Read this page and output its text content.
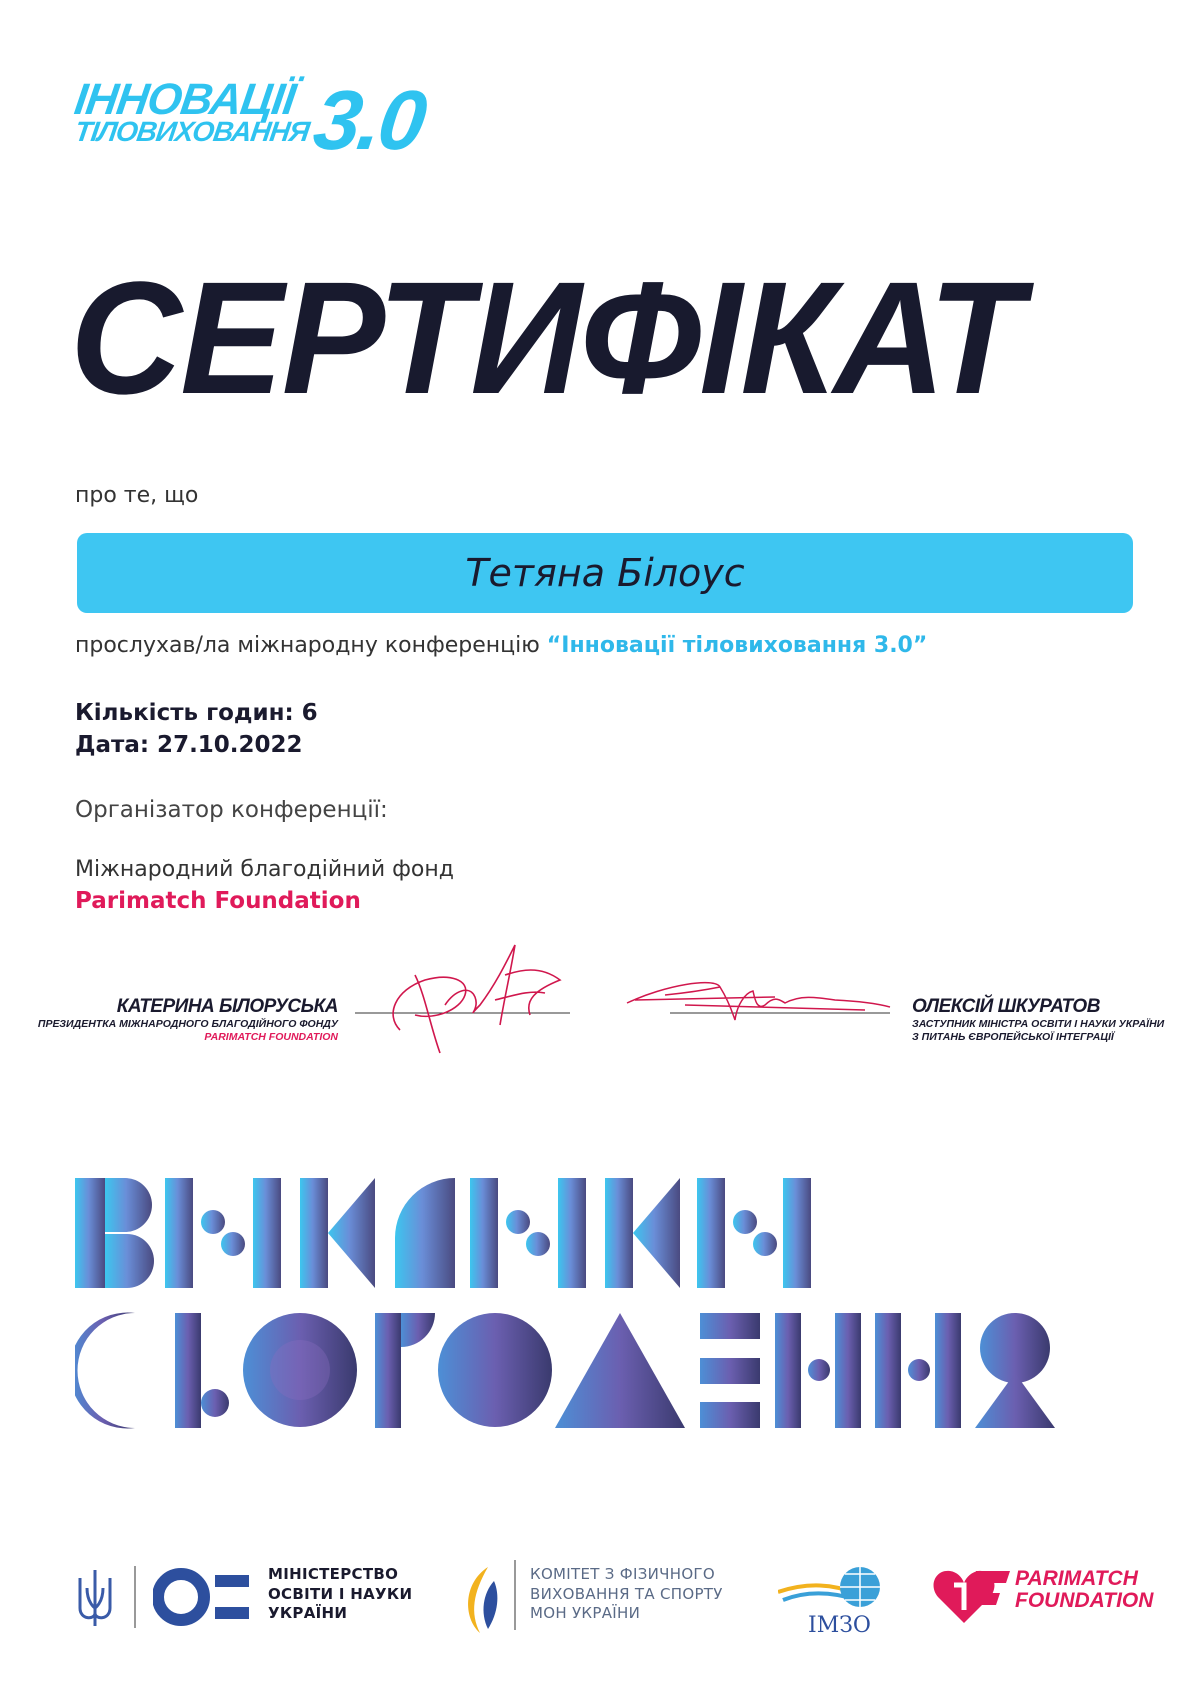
ІННОВАЦІЇ
ТІЛОВИХОВАННЯ
3.0
СЕРТИФІКАТ
про те, що
Тетяна Білоус
прослухав/ла міжнародну конференцію “Інновації тіловиховання 3.0”
Кількість годин: 6
Дата: 27.10.2022
Організатор конференції:
Міжнародний благодійний фонд
Parimatch Foundation
КАТЕРИНА БІЛОРУСЬКА
ПРЕЗИДЕНТКА МІЖНАРОДНОГО БЛАГОДІЙНОГО ФОНДУ
PARIMATCH FOUNDATION
ОЛЕКСІЙ ШКУРАТОВ
ЗАСТУПНИК МІНІСТРА ОСВІТИ І НАУКИ УКРАЇНИ
З ПИТАНЬ ЄВРОПЕЙСЬКОЇ ІНТЕГРАЦІЇ
МІНІСТЕРСТВО
ОСВІТИ І НАУКИ
УКРАЇНИ
КОМІТЕТ З ФІЗИЧНОГО
ВИХОВАННЯ ТА СПОРТУ
МОН УКРАЇНИ	ІМЗО
PARIMATCH
FOUNDATION
